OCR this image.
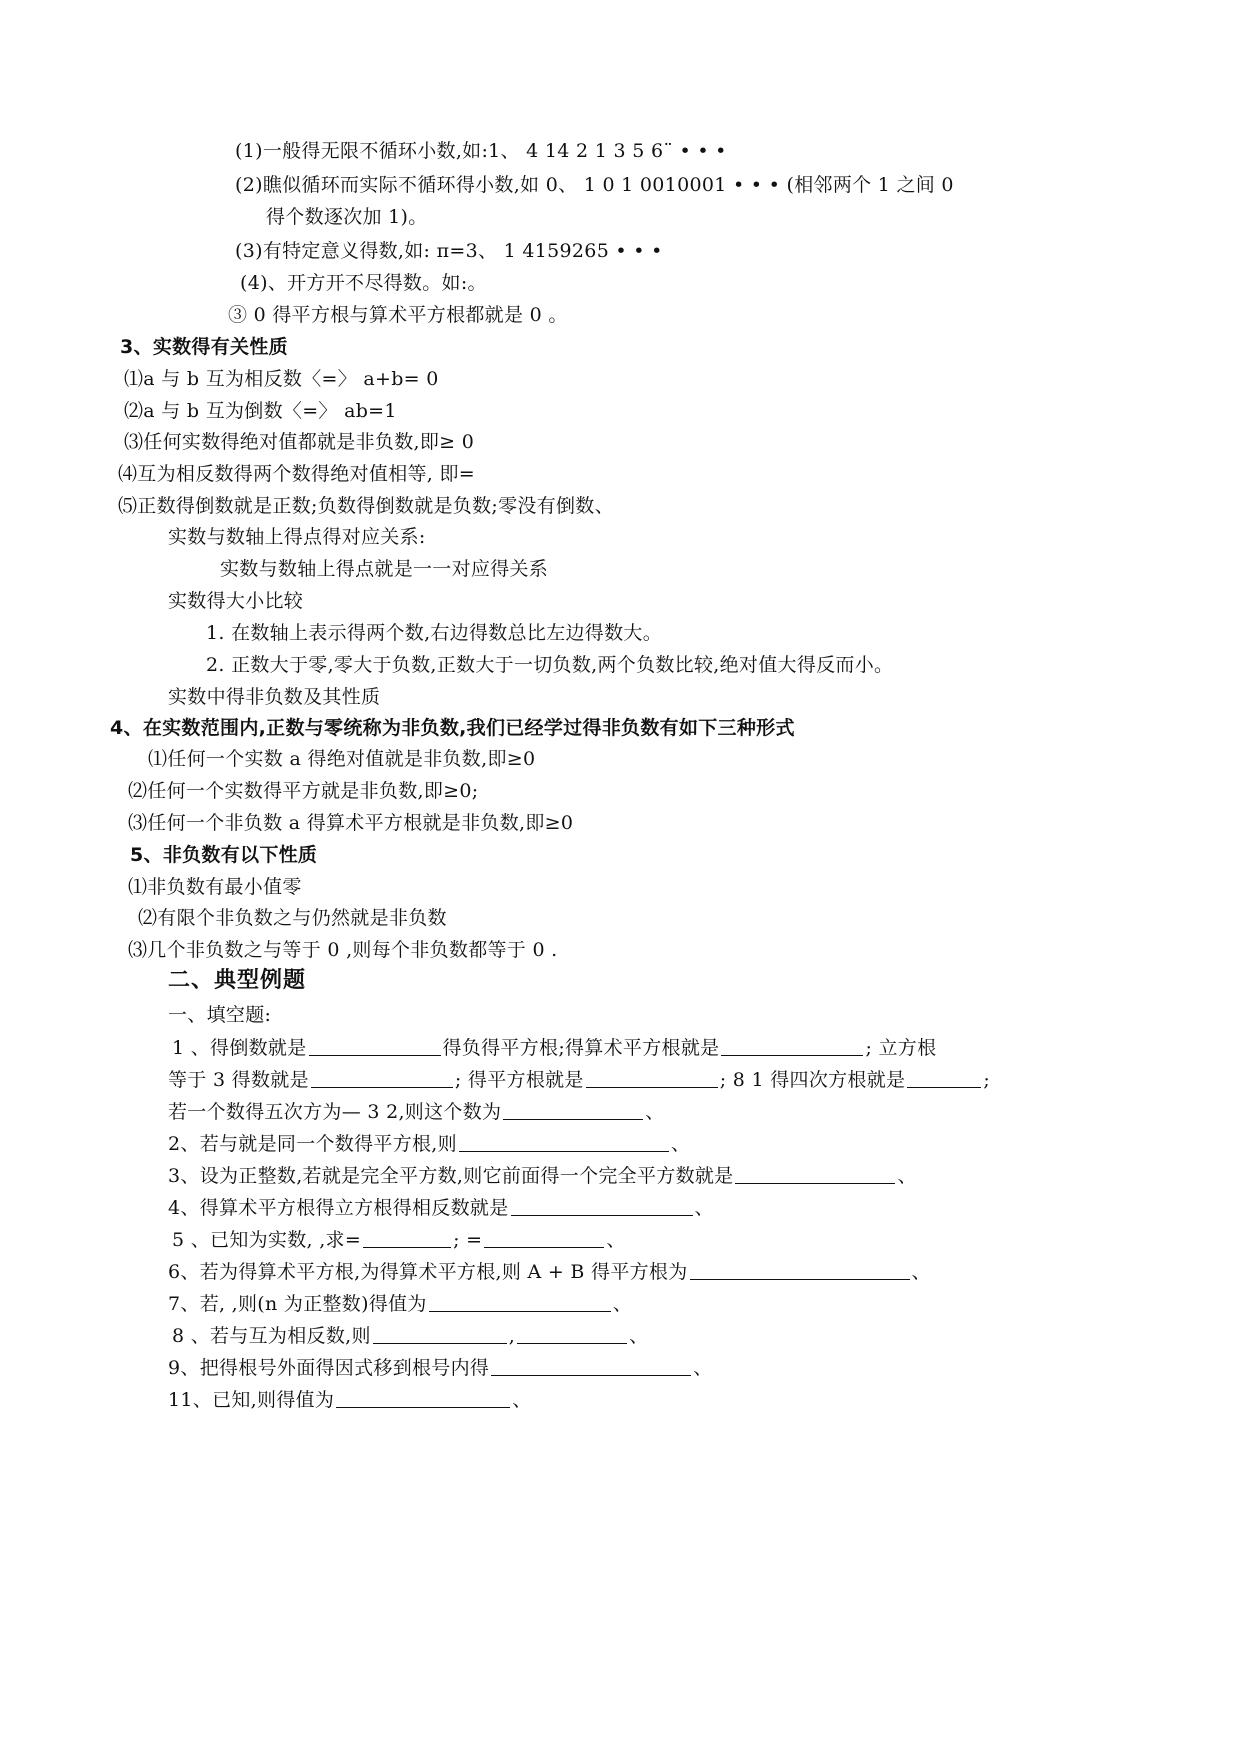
(1)一般得无限不循环小数,如:1、 4 14 2 1 3 5 6¨ • • •
(2)瞧似循环而实际不循环得小数,如 0、 1 0 1 0010001 • • • (相邻两个 1 之间 0
得个数逐次加 1)。
(3)有特定意义得数,如: π=3、 1 4159265 • • •
(4)、开方开不尽得数。如:。
③ 0 得平方根与算术平方根都就是 0 。
3、实数得有关性质
⑴a 与 b 互为相反数〈=〉 a+b= 0
⑵a 与 b 互为倒数〈=〉 ab=1
⑶任何实数得绝对值都就是非负数,即≥ 0
⑷互为相反数得两个数得绝对值相等, 即=
⑸正数得倒数就是正数;负数得倒数就是负数;零没有倒数、
实数与数轴上得点得对应关系:
实数与数轴上得点就是一一对应得关系
实数得大小比较
1. 在数轴上表示得两个数,右边得数总比左边得数大。
2. 正数大于零,零大于负数,正数大于一切负数,两个负数比较,绝对值大得反而小。
实数中得非负数及其性质
4、在实数范围内,正数与零统称为非负数,我们已经学过得非负数有如下三种形式
⑴任何一个实数 a 得绝对值就是非负数,即≥0
⑵任何一个实数得平方就是非负数,即≥0;
⑶任何一个非负数 a 得算术平方根就是非负数,即≥0
5、非负数有以下性质
⑴非负数有最小值零
⑵有限个非负数之与仍然就是非负数
⑶几个非负数之与等于 0 ,则每个非负数都等于 0 .
二、典型例题
一、填空题:
1 、得倒数就是	得负得平方根;得算术平方根就是	; 立方根
等于 3 得数就是	; 得平方根就是	; 8 1 得四次方根就是	;
若一个数得五次方为— 3 2,则这个数为	、
2、若与就是同一个数得平方根,则	、
3、设为正整数,若就是完全平方数,则它前面得一个完全平方数就是	、
4、得算术平方根得立方根得相反数就是	、
5 、已知为实数, ,求=	; =	、
6、若为得算术平方根,为得算术平方根,则 A + B 得平方根为	、
7、若, ,则(n 为正整数)得值为	、
8 、若与互为相反数,则	,	、
9、把得根号外面得因式移到根号内得	、
11、已知,则得值为	、
